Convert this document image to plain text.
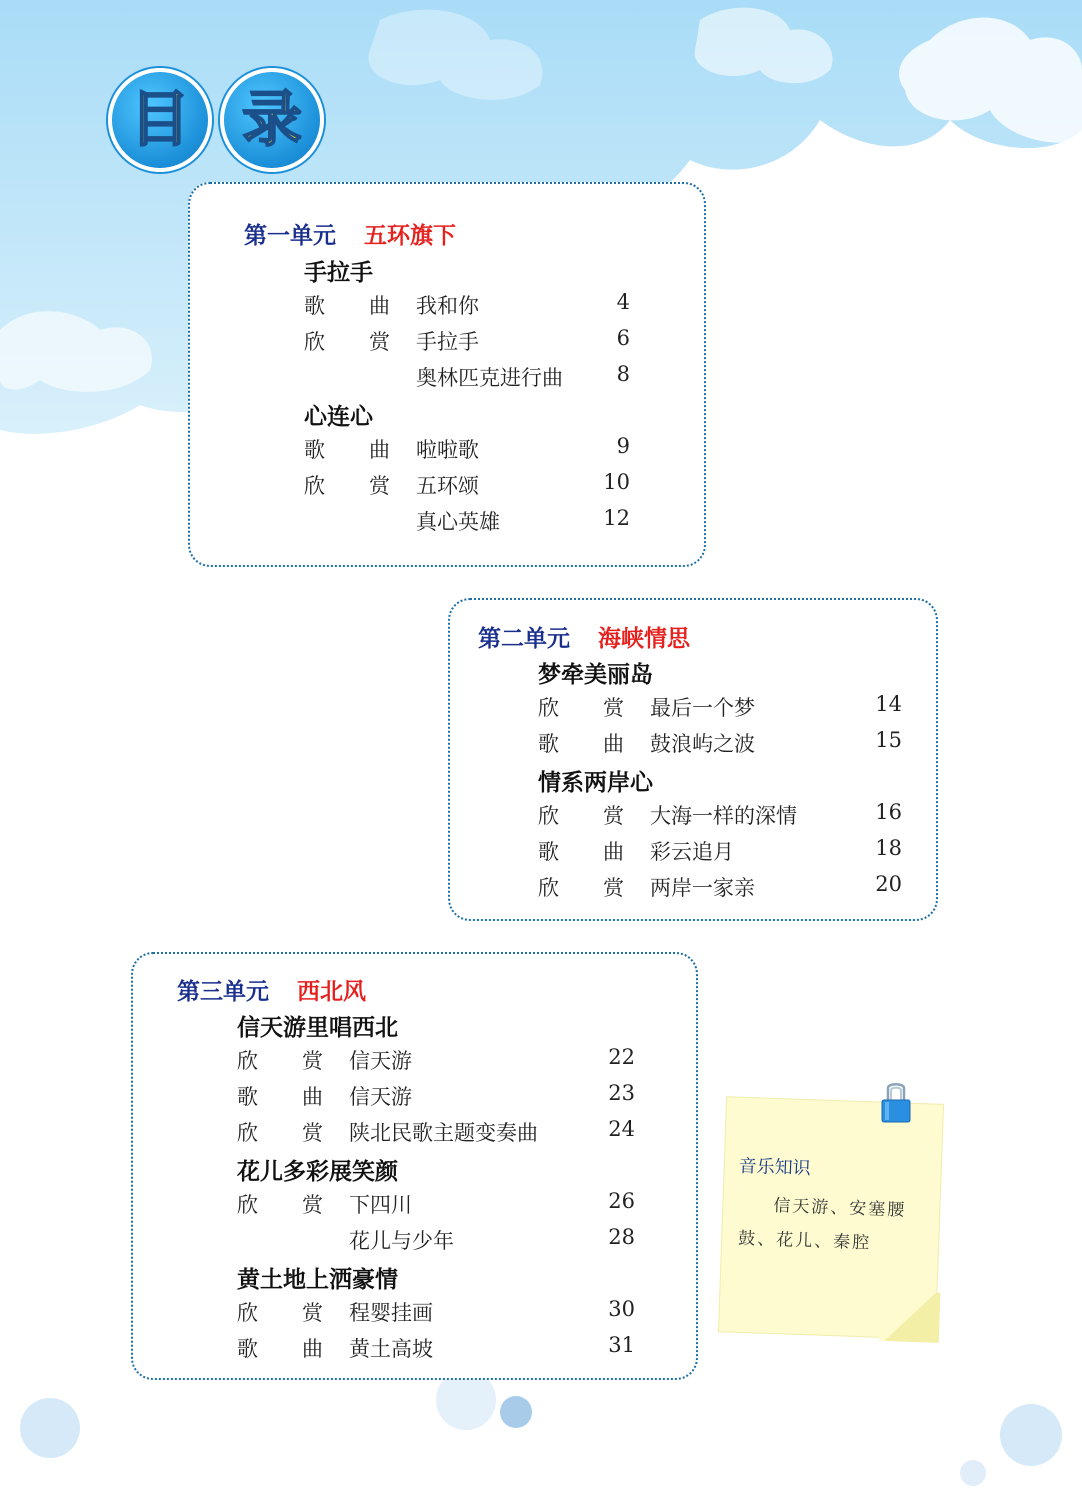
目 录
第一单元 五环旗下
手拉手
歌 曲 我和你	4
欣 赏 手拉手	6
奥林匹克进行曲	8
心连心
歌 曲 啦啦歌	9
欣 赏 五环颂	10
真心英雄	12
第二单元 海峡情思
梦牵美丽岛
欣 赏 最后一个梦	14
歌 曲 鼓浪屿之波	15
情系两岸心
欣 赏 大海一样的深情	16
歌 曲 彩云追月	18
欣 赏 两岸一家亲	20
音乐知识
信天游、安塞腰鼓、花儿、秦腔
第三单元 西北风
信天游里唱西北
欣 赏 信天游	22
歌 曲 信天游	23
欣 赏 陕北民歌主题变奏曲	24
花儿多彩展笑颜
欣 赏 下四川	26
花儿与少年	28
黄土地上洒豪情
欣 赏 程婴挂画	30
歌 曲 黄土高坡	31
